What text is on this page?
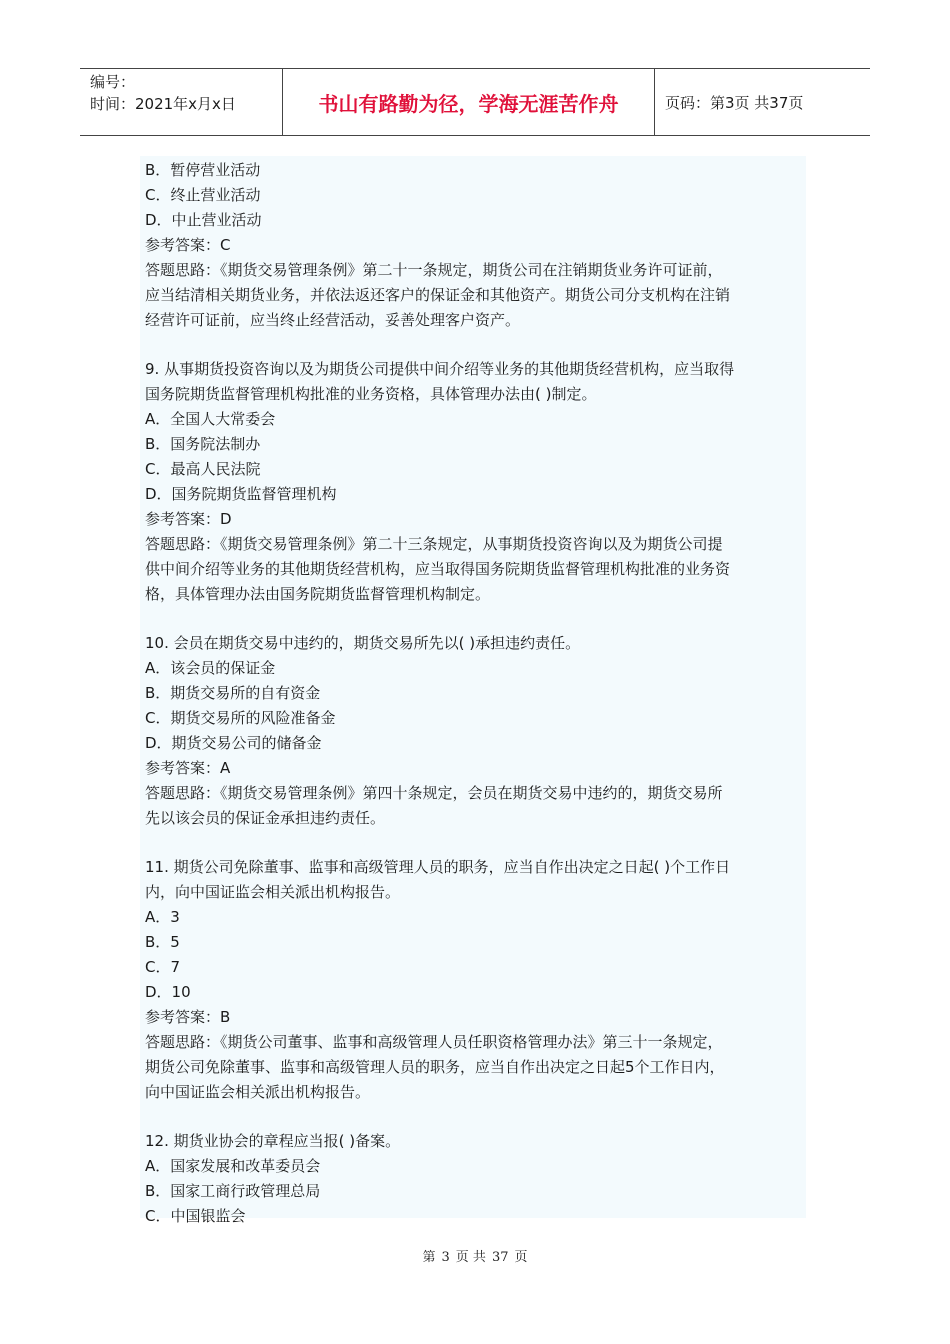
编号：
时间：2021年x月x日	书山有路勤为径，学海无涯苦作舟	页码：第3页 共37页
B．暂停营业活动
C．终止营业活动
D．中止营业活动
参考答案：C
答题思路：《期货交易管理条例》第二十一条规定，期货公司在注销期货业务许可证前，
应当结清相关期货业务，并依法返还客户的保证金和其他资产。期货公司分支机构在注销
经营许可证前，应当终止经营活动，妥善处理客户资产。
9. 从事期货投资咨询以及为期货公司提供中间介绍等业务的其他期货经营机构，应当取得
国务院期货监督管理机构批准的业务资格，具体管理办法由( )制定。
A．全国人大常委会
B．国务院法制办
C．最高人民法院
D．国务院期货监督管理机构
参考答案：D
答题思路：《期货交易管理条例》第二十三条规定，从事期货投资咨询以及为期货公司提
供中间介绍等业务的其他期货经营机构，应当取得国务院期货监督管理机构批准的业务资
格，具体管理办法由国务院期货监督管理机构制定。
10. 会员在期货交易中违约的，期货交易所先以( )承担违约责任。
A．该会员的保证金
B．期货交易所的自有资金
C．期货交易所的风险准备金
D．期货交易公司的储备金
参考答案：A
答题思路：《期货交易管理条例》第四十条规定，会员在期货交易中违约的，期货交易所
先以该会员的保证金承担违约责任。
11. 期货公司免除董事、监事和高级管理人员的职务，应当自作出决定之日起( )个工作日
内，向中国证监会相关派出机构报告。
A．3
B．5
C．7
D．10
参考答案：B
答题思路：《期货公司董事、监事和高级管理人员任职资格管理办法》第三十一条规定，
期货公司免除董事、监事和高级管理人员的职务，应当自作出决定之日起5个工作日内，
向中国证监会相关派出机构报告。
12. 期货业协会的章程应当报( )备案。
A．国家发展和改革委员会
B．国家工商行政管理总局
C．中国银监会
第 3 页 共 37 页
